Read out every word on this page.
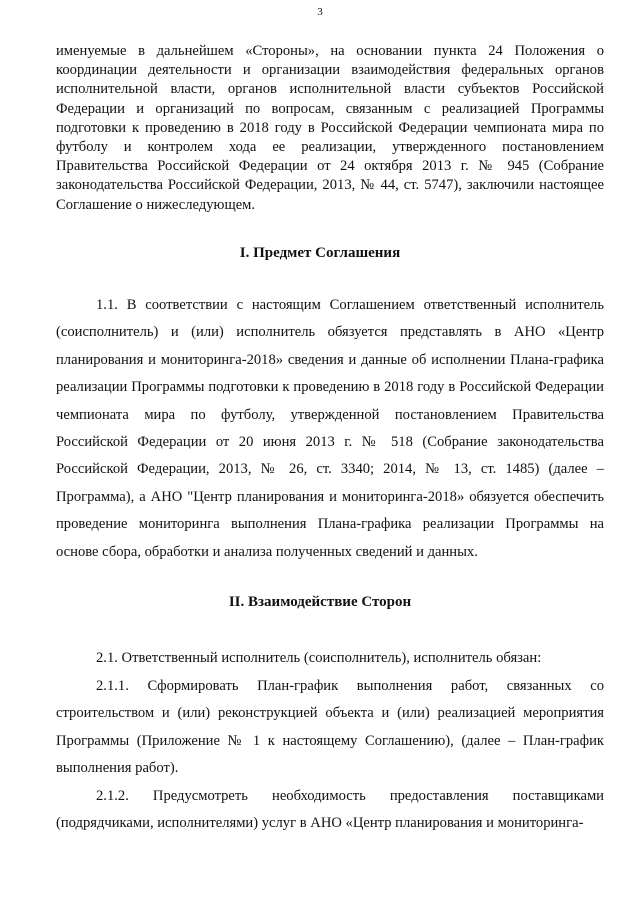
3

именуемые в дальнейшем «Стороны», на основании пункта 24 Положения о координации деятельности и организации взаимодействия федеральных органов исполнительной власти, органов исполнительной власти субъектов Российской Федерации и организаций по вопросам, связанным с реализацией Программы подготовки к проведению в 2018 году в Российской Федерации чемпионата мира по футболу и контролем хода ее реализации, утвержденного постановлением Правительства Российской Федерации от 24 октября 2013 г. № 945 (Собрание законодательства Российской Федерации, 2013, № 44, ст. 5747), заключили настоящее Соглашение о нижеследующем.

I. Предмет Соглашения

1.1. В соответствии с настоящим Соглашением ответственный исполнитель (соисполнитель) и (или) исполнитель обязуется представлять в АНО «Центр планирования и мониторинга-2018» сведения и данные об исполнении Плана-графика реализации Программы подготовки к проведению в 2018 году в Российской Федерации чемпионата мира по футболу, утвержденной постановлением Правительства Российской Федерации от 20 июня 2013 г. № 518 (Собрание законодательства Российской Федерации, 2013, № 26, ст. 3340; 2014, № 13, ст. 1485) (далее – Программа), а АНО "Центр планирования и мониторинга-2018» обязуется обеспечить проведение мониторинга выполнения Плана-графика реализации Программы на основе сбора, обработки и анализа полученных сведений и данных.

II. Взаимодействие Сторон

2.1. Ответственный исполнитель (соисполнитель), исполнитель обязан:

2.1.1. Сформировать План-график выполнения работ, связанных со строительством и (или) реконструкцией объекта и (или) реализацией мероприятия Программы (Приложение № 1 к настоящему Соглашению), (далее – План-график выполнения работ).

2.1.2. Предусмотреть необходимость предоставления поставщиками (подрядчиками, исполнителями) услуг в АНО «Центр планирования и мониторинга-
